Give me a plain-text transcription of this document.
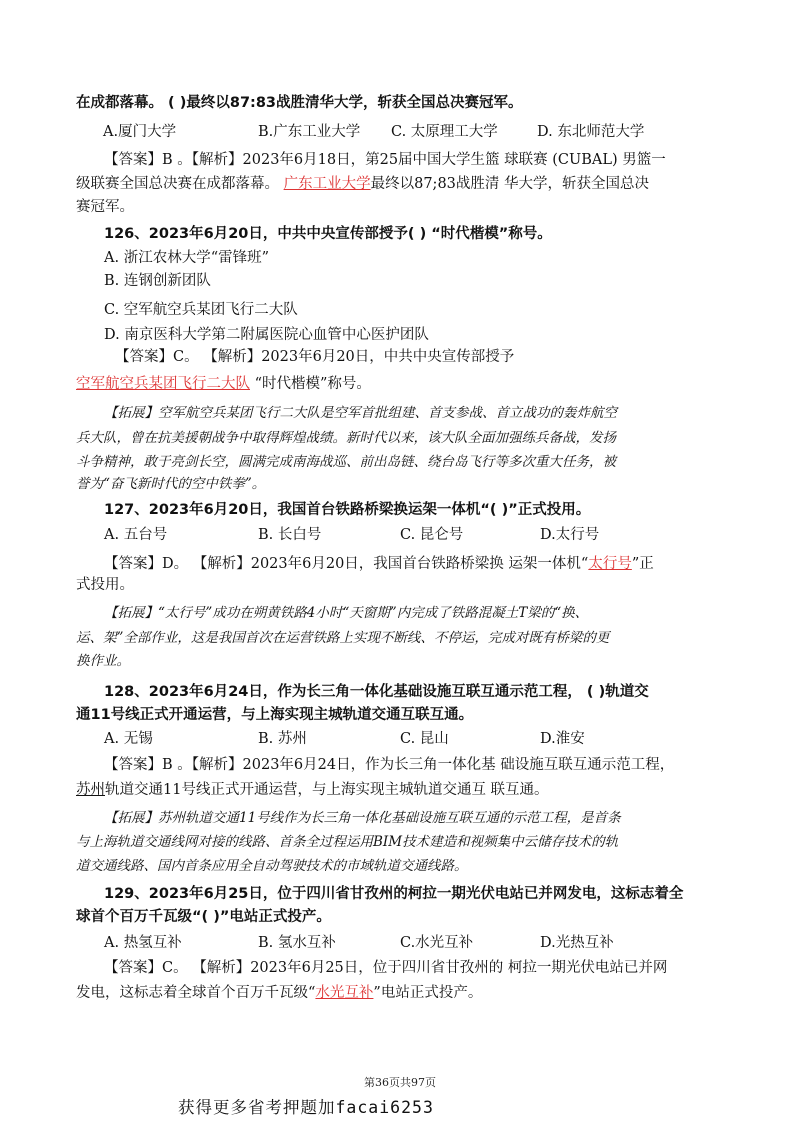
在成都落幕。 ( )最终以87:83战胜清华大学，斩获全国总决赛冠军。
A.厦门大学	B.广东工业大学 C. 太原理工大学	D. 东北师范大学
【答案】B 。【解析】2023年6月18日，第25届中国大学生篮 球联赛 (CUBAL) 男篮一
级联赛全国总决赛在成都落幕。 广东工业大学最终以87;83战胜清 华大学，斩获全国总决
赛冠军。
126、2023年6月20日，中共中央宣传部授予( ) “时代楷模”称号。
A. 浙江农林大学“雷锋班”
B. 连钢创新团队
C. 空军航空兵某团飞行二大队
D. 南京医科大学第二附属医院心血管中心医护团队
【答案】C。 【解析】2023年6月20日，中共中央宣传部授予
空军航空兵某团飞行二大队 “时代楷模”称号。
【拓展】空军航空兵某团飞行二大队是空军首批组建、首支参战、首立战功的轰炸航空
兵大队，曾在抗美援朝战争中取得辉煌战绩。新时代以来，该大队全面加强练兵备战，发扬
斗争精神，敢于亮剑长空，圆满完成南海战巡、前出岛链、绕台岛飞行等多次重大任务，被
誉为“奋飞新时代的空中铁拳”。
127、2023年6月20日，我国首台铁路桥梁换运架一体机“( )”正式投用。
A. 五台号	B. 长白号	C. 昆仑号	D.太行号
【答案】D。 【解析】2023年6月20日，我国首台铁路桥梁换 运架一体机“太行号”正
式投用。
【拓展】“太行号”成功在朔黄铁路4小时“天窗期”内完成了铁路混凝土T梁的“换、
运、架”全部作业，这是我国首次在运营铁路上实现不断线、不停运，完成对既有桥梁的更
换作业。
128、2023年6月24日，作为长三角一体化基础设施互联互通示范工程， ( )轨道交
通11号线正式开通运营，与上海实现主城轨道交通互联互通。
A. 无锡	B. 苏州	C. 昆山	D.淮安
【答案】B 。【解析】2023年6月24日，作为长三角一体化基 础设施互联互通示范工程，
苏州轨道交通11号线正式开通运营，与上海实现主城轨道交通互 联互通。
【拓展】苏州轨道交通11号线作为长三角一体化基础设施互联互通的示范工程，是首条
与上海轨道交通线网对接的线路、首条全过程运用BIM技术建造和视频集中云储存技术的轨
道交通线路、国内首条应用全自动驾驶技术的市域轨道交通线路。
129、2023年6月25日，位于四川省甘孜州的柯拉一期光伏电站已并网发电，这标志着全
球首个百万千瓦级“( )”电站正式投产。
A. 热氢互补	B. 氢水互补	C.水光互补	D.光热互补
【答案】C。 【解析】2023年6月25日，位于四川省甘孜州的 柯拉一期光伏电站已并网
发电，这标志着全球首个百万千瓦级“水光互补”电站正式投产。
第36页共97页
获得更多省考押题加facai6253
